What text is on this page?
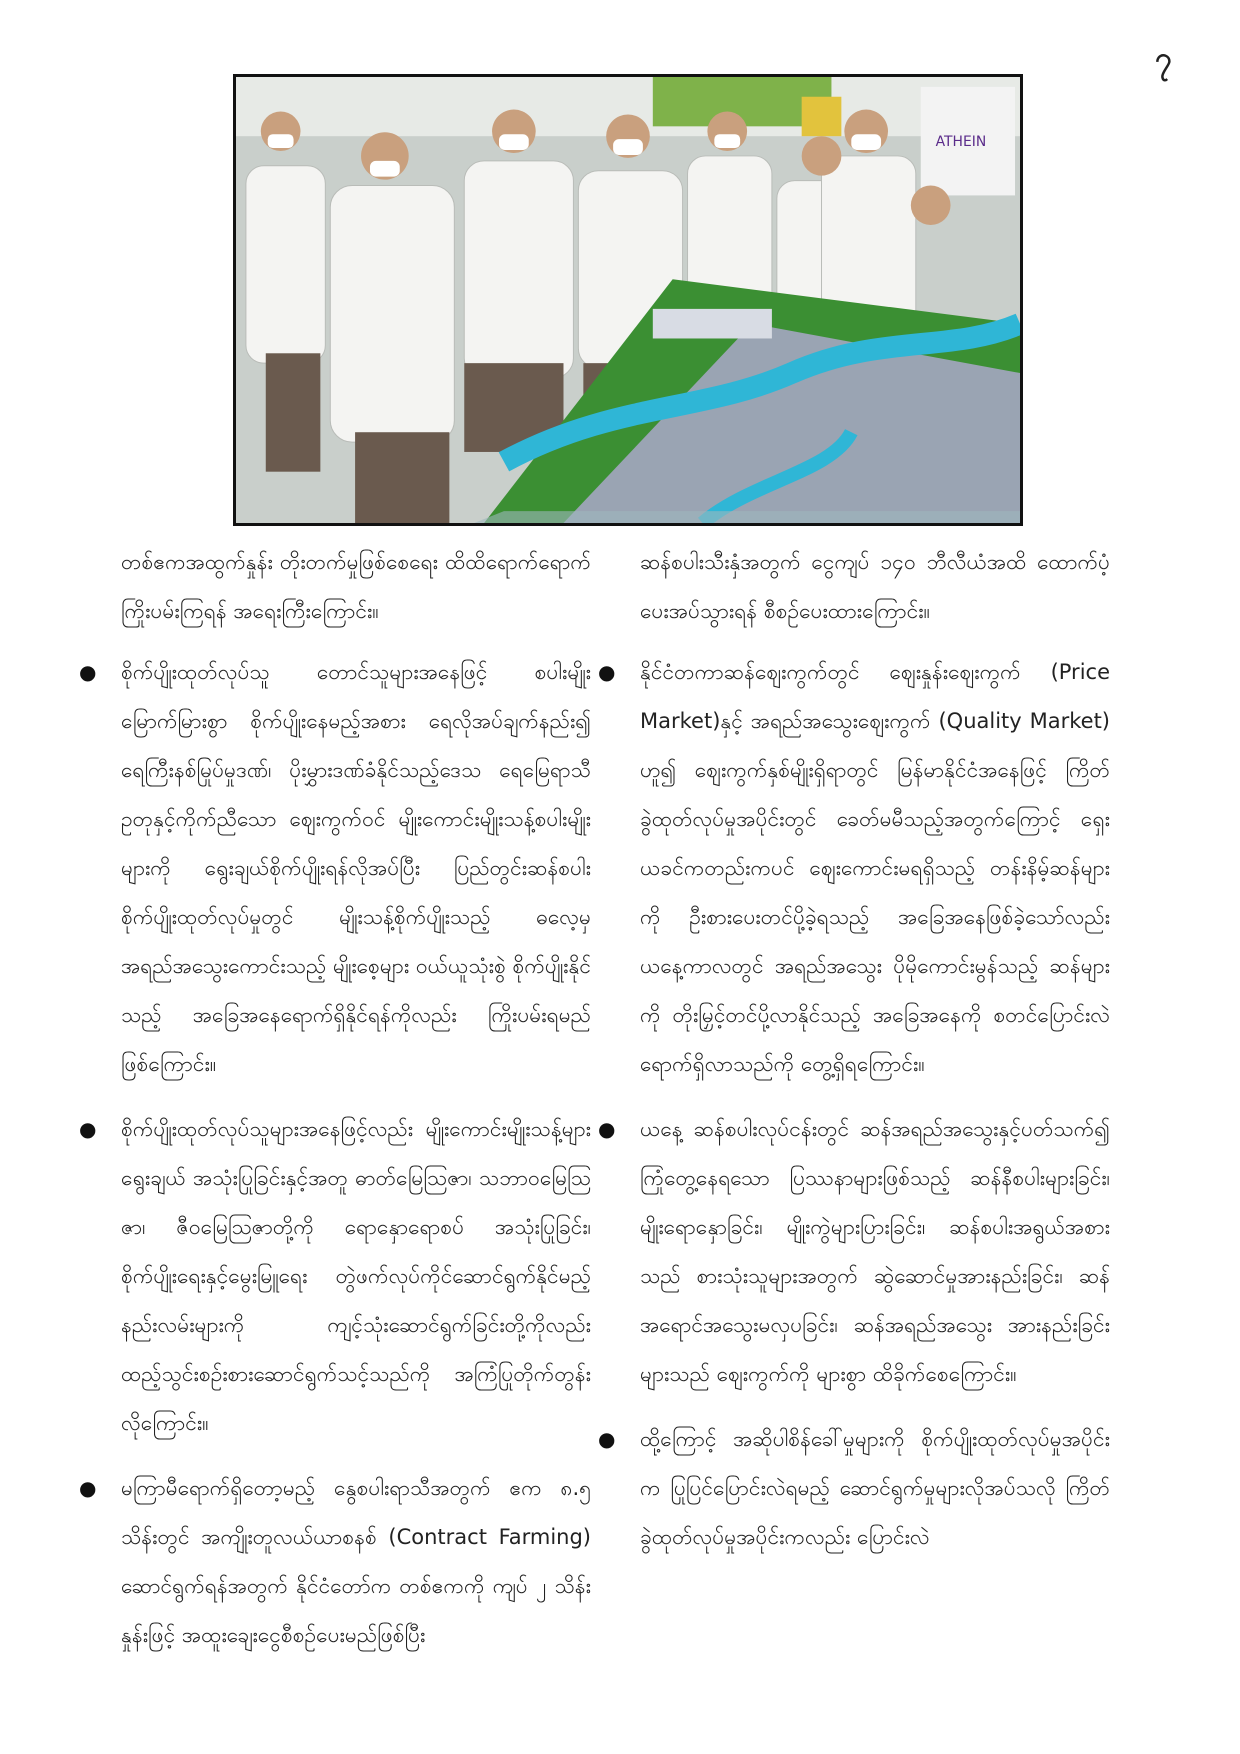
၇
ATHEIN

တစ်ဧကအထွက်နှုန်း တိုးတက်မှုဖြစ်စေရေး ထိထိရောက်ရောက်ကြိုးပမ်းကြရန် အရေးကြီးကြောင်း။

● စိုက်ပျိုးထုတ်လုပ်သူ တောင်သူများအနေဖြင့် စပါးမျိုးမြောက်မြားစွာ စိုက်ပျိုးနေမည့်အစား ရေလိုအပ်ချက်နည်း၍ ရေကြီးနစ်မြုပ်မှုဒဏ်၊ ပိုးမွှားဒဏ်ခံနိုင်သည့်ဒေသ ရေမြေရာသီဥတုနှင့်ကိုက်ညီသော ဈေးကွက်ဝင် မျိုးကောင်းမျိုးသန့်စပါးမျိုးများကို ရွေးချယ်စိုက်ပျိုးရန်လိုအပ်ပြီး ပြည်တွင်းဆန်စပါး စိုက်ပျိုးထုတ်လုပ်မှုတွင် မျိုးသန့်စိုက်ပျိုးသည့် ဓလေ့မှ အရည်အသွေးကောင်းသည့် မျိုးစေ့များ ဝယ်ယူသုံးစွဲ စိုက်ပျိုးနိုင်သည့် အခြေအနေရောက်ရှိနိုင်ရန်ကိုလည်း ကြိုးပမ်းရမည်ဖြစ်ကြောင်း။
● စိုက်ပျိုးထုတ်လုပ်သူများအနေဖြင့်လည်း မျိုးကောင်းမျိုးသန့်များရွေးချယ် အသုံးပြုခြင်းနှင့်အတူ ဓာတ်မြေသြဇာ၊ သဘာဝမြေသြဇာ၊ ဇီဝမြေသြဇာတို့ကို ရောနှောရောစပ် အသုံးပြုခြင်း၊ စိုက်ပျိုးရေးနှင့်မွေးမြူရေး တွဲဖက်လုပ်ကိုင်ဆောင်ရွက်နိုင်မည့် နည်းလမ်းများကို ကျင့်သုံးဆောင်ရွက်ခြင်းတို့ကိုလည်း ထည့်သွင်းစဉ်းစားဆောင်ရွက်သင့်သည်ကို အကြံပြုတိုက်တွန်းလိုကြောင်း။
● မကြာမီရောက်ရှိတော့မည့် နွေစပါးရာသီအတွက် ဧက ၈.၅ သိန်းတွင် အကျိုးတူလယ်ယာစနစ် (Contract Farming) ဆောင်ရွက်ရန်အတွက် နိုင်ငံတော်က တစ်ဧကကို ကျပ် ၂ သိန်းနှုန်းဖြင့် အထူးချေးငွေစီစဉ်ပေးမည်ဖြစ်ပြီး

ဆန်စပါးသီးနှံအတွက် ငွေကျပ် ၁၄၀ ဘီလီယံအထိ ထောက်ပံ့ပေးအပ်သွားရန် စီစဉ်ပေးထားကြောင်း။

● နိုင်ငံတကာဆန်ဈေးကွက်တွင် ဈေးနှုန်းဈေးကွက် (Price Market)နှင့် အရည်အသွေးဈေးကွက် (Quality Market) ဟူ၍ ဈေးကွက်နှစ်မျိုးရှိရာတွင် မြန်မာနိုင်ငံအနေဖြင့် ကြိတ်ခွဲထုတ်လုပ်မှုအပိုင်းတွင် ခေတ်မမီသည့်အတွက်ကြောင့် ရှေးယခင်ကတည်းကပင် ဈေးကောင်းမရရှိသည့် တန်းနိမ့်ဆန်များကို ဦးစားပေးတင်ပို့ခဲ့ရသည့် အခြေအနေဖြစ်ခဲ့သော်လည်း ယနေ့ကာလတွင် အရည်အသွေး ပိုမိုကောင်းမွန်သည့် ဆန်များကို တိုးမြှင့်တင်ပို့လာနိုင်သည့် အခြေအနေကို စတင်ပြောင်းလဲရောက်ရှိလာသည်ကို တွေ့ရှိရကြောင်း။
● ယနေ့ ဆန်စပါးလုပ်ငန်းတွင် ဆန်အရည်အသွေးနှင့်ပတ်သက်၍ ကြုံတွေ့နေရသော ပြဿနာများဖြစ်သည့် ဆန်နီစပါးများခြင်း၊ မျိုးရောနှောခြင်း၊ မျိုးကွဲများပြားခြင်း၊ ဆန်စပါးအရွယ်အစားသည် စားသုံးသူများအတွက် ဆွဲဆောင်မှုအားနည်းခြင်း၊ ဆန်အရောင်အသွေးမလှပခြင်း၊ ဆန်အရည်အသွေး အားနည်းခြင်းများသည် ဈေးကွက်ကို များစွာ ထိခိုက်စေကြောင်း။
● ထို့ကြောင့် အဆိုပါစိန်ခေါ်မှုများကို စိုက်ပျိုးထုတ်လုပ်မှုအပိုင်းက ပြုပြင်ပြောင်းလဲရမည့် ဆောင်ရွက်မှုများလိုအပ်သလို ကြိတ်ခွဲထုတ်လုပ်မှုအပိုင်းကလည်း ပြောင်းလဲ
